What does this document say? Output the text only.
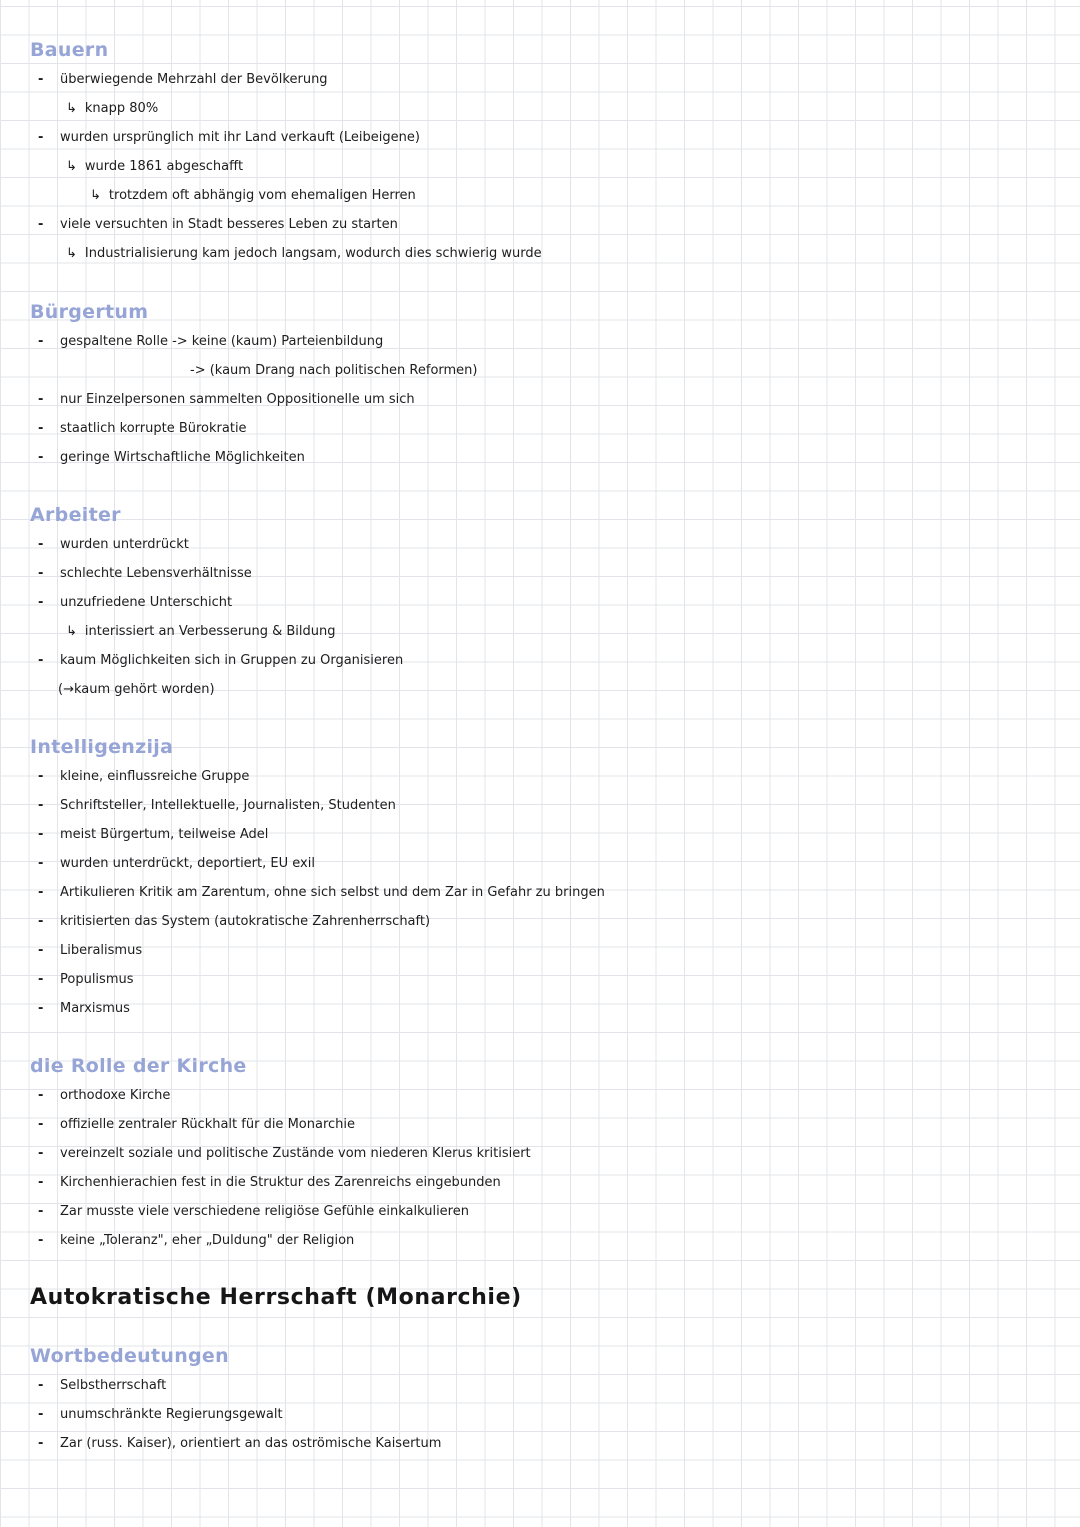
Bauern
- überwiegende Mehrzahl der Bevölkerung
↳ knapp 80%
- wurden ursprünglich mit ihr Land verkauft (Leibeigene)
↳ wurde 1861 abgeschafft
↳ trotzdem oft abhängig vom ehemaligen Herren
- viele versuchten in Stadt besseres Leben zu starten
↳ Industrialisierung kam jedoch langsam, wodurch dies schwierig wurde
Bürgertum
- gespaltene Rolle -> keine (kaum) Parteienbildung
-> (kaum Drang nach politischen Reformen)
- nur Einzelpersonen sammelten Oppositionelle um sich
- staatlich korrupte Bürokratie
- geringe Wirtschaftliche Möglichkeiten
Arbeiter
- wurden unterdrückt
- schlechte Lebensverhältnisse
- unzufriedene Unterschicht
↳ interissiert an Verbesserung & Bildung
- kaum Möglichkeiten sich in Gruppen zu Organisieren
(→kaum gehört worden)
Intelligenzija
- kleine, einflussreiche Gruppe
- Schriftsteller, Intellektuelle, Journalisten, Studenten
- meist Bürgertum, teilweise Adel
- wurden unterdrückt, deportiert, EU exil
- Artikulieren Kritik am Zarentum, ohne sich selbst und dem Zar in Gefahr zu bringen
- kritisierten das System (autokratische Zahrenherrschaft)
- Liberalismus
- Populismus
- Marxismus
die Rolle der Kirche
- orthodoxe Kirche
- offizielle zentraler Rückhalt für die Monarchie
- vereinzelt soziale und politische Zustände vom niederen Klerus kritisiert
- Kirchenhierachien fest in die Struktur des Zarenreichs eingebunden
- Zar musste viele verschiedene religiöse Gefühle einkalkulieren
- keine „Toleranz", eher „Duldung" der Religion
Autokratische Herrschaft (Monarchie)
Wortbedeutungen
- Selbstherrschaft
- unumschränkte Regierungsgewalt
- Zar (russ. Kaiser), orientiert an das oströmische Kaisertum
